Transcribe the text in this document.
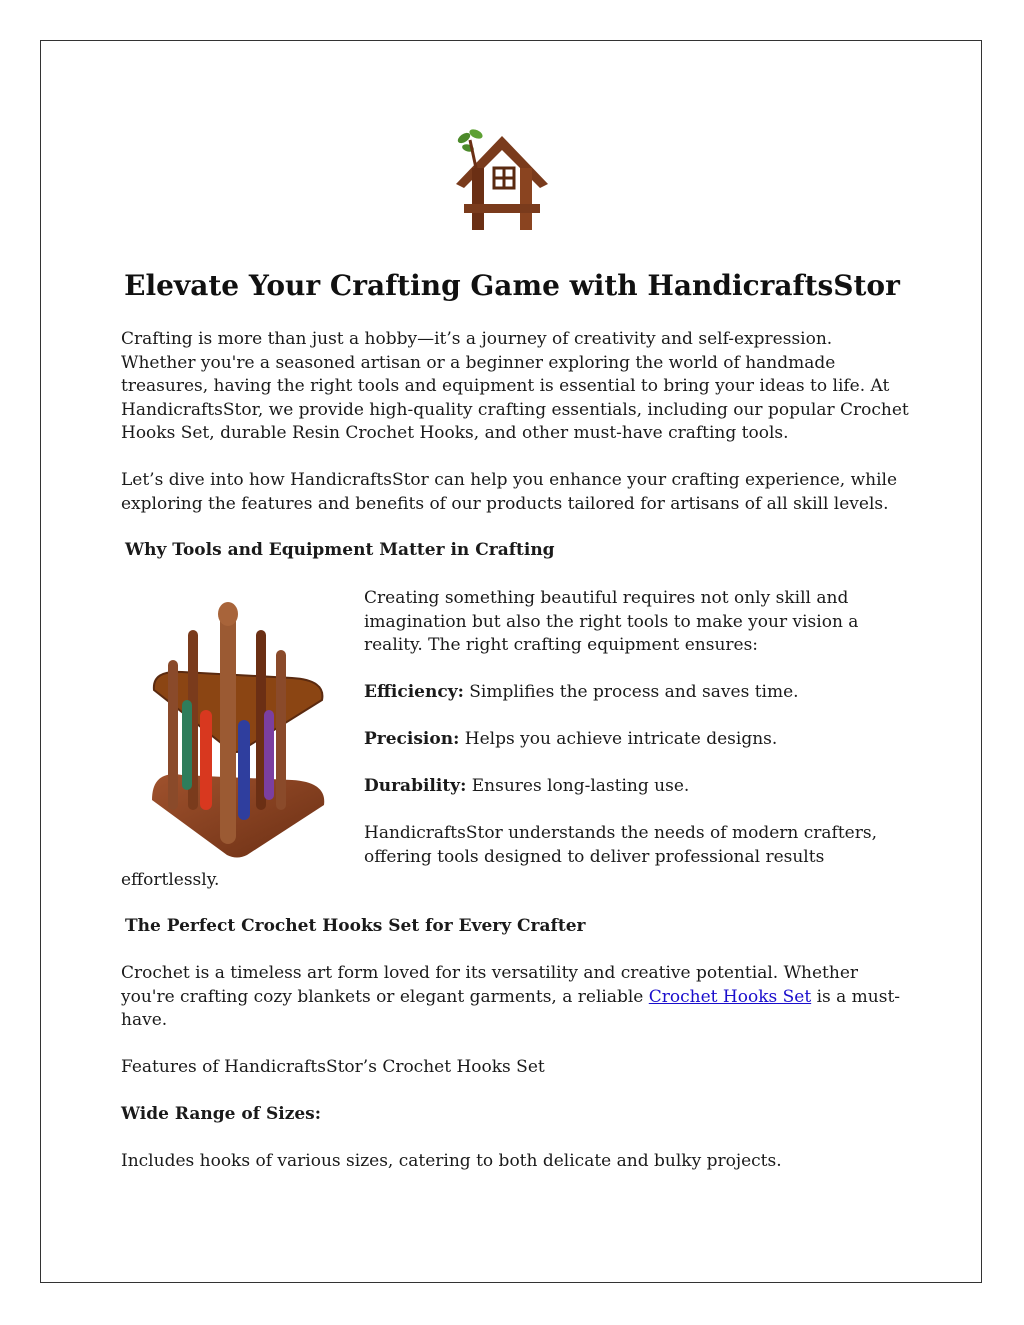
Elevate Your Crafting Game with HandicraftsStor

Crafting is more than just a hobby—it’s a journey of creativity and self-expression. Whether you're a seasoned artisan or a beginner exploring the world of handmade treasures, having the right tools and equipment is essential to bring your ideas to life. At HandicraftsStor, we provide high-quality crafting essentials, including our popular Crochet Hooks Set, durable Resin Crochet Hooks, and other must-have crafting tools.

Let’s dive into how HandicraftsStor can help you enhance your crafting experience, while exploring the features and benefits of our products tailored for artisans of all skill levels.

Why Tools and Equipment Matter in Crafting

Creating something beautiful requires not only skill and imagination but also the right tools to make your vision a reality. The right crafting equipment ensures:

Efficiency: Simplifies the process and saves time.

Precision: Helps you achieve intricate designs.

Durability: Ensures long-lasting use.

HandicraftsStor understands the needs of modern crafters,

offering tools designed to deliver professional results

effortlessly.

The Perfect Crochet Hooks Set for Every Crafter

Crochet is a timeless art form loved for its versatility and creative potential. Whether you're crafting cozy blankets or elegant garments, a reliable Crochet Hooks Set is a must-have.

Features of HandicraftsStor’s Crochet Hooks Set

Wide Range of Sizes:

Includes hooks of various sizes, catering to both delicate and bulky projects.
